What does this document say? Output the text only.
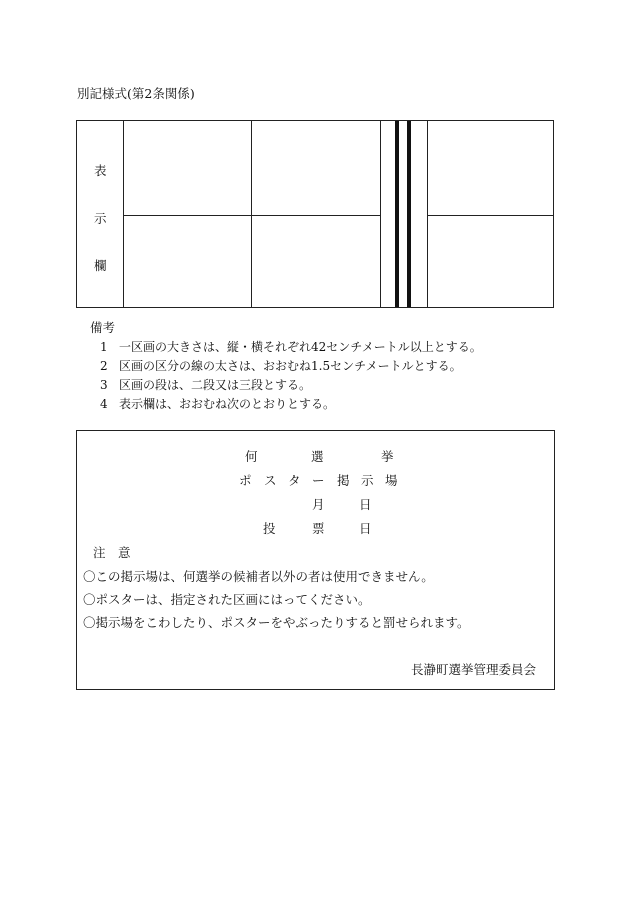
別記様式(第2条関係)
表
示
欄
備考
1 一区画の大きさは、縦・横それぞれ42センチメートル以上とする。
2 区画の区分の線の太さは、おおむね1.5センチメートルとする。
3 区画の段は、二段又は三段とする。
4 表示欄は、おおむね次のとおりとする。
何	選	挙
ポ ス タ ー 掲 示 場
月	日
投	票	日
注　意
〇この掲示場は、何選挙の候補者以外の者は使用できません。
〇ポスターは、指定された区画にはってください。
〇掲示場をこわしたり、ポスターをやぶったりすると罰せられます。
長瀞町選挙管理委員会
